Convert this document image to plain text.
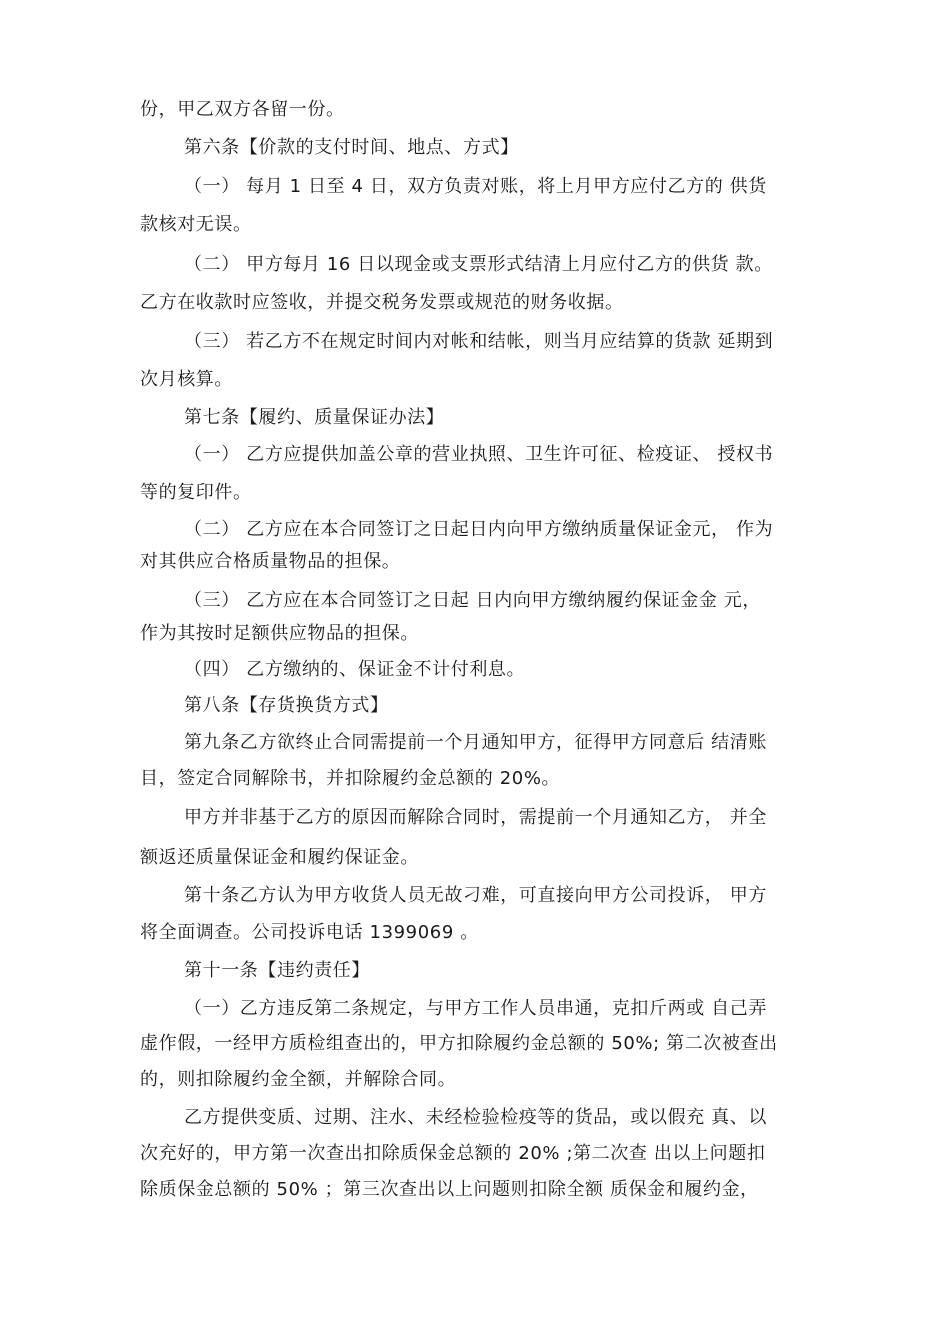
份，甲乙双方各留一份。
第六条【价款的支付时间、地点、方式】
（一） 每月 1 日至 4 日，双方负责对账，将上月甲方应付乙方的 供货
款核对无误。
（二） 甲方每月 16 日以现金或支票形式结清上月应付乙方的供货 款。
乙方在收款时应签收，并提交税务发票或规范的财务收据。
（三） 若乙方不在规定时间内对帐和结帐，则当月应结算的货款 延期到
次月核算。
第七条【履约、质量保证办法】
（一） 乙方应提供加盖公章的营业执照、卫生许可征、检疫证、 授权书
等的复印件。
（二） 乙方应在本合同签订之日起日内向甲方缴纳质量保证金元， 作为
对其供应合格质量物品的担保。
（三） 乙方应在本合同签订之日起 日内向甲方缴纳履约保证金金 元，
作为其按时足额供应物品的担保。
（四） 乙方缴纳的、保证金不计付利息。
第八条【存货换货方式】
第九条乙方欲终止合同需提前一个月通知甲方，征得甲方同意后 结清账
目，签定合同解除书，并扣除履约金总额的 20%。
甲方并非基于乙方的原因而解除合同时，需提前一个月通知乙方， 并全
额返还质量保证金和履约保证金。
第十条乙方认为甲方收货人员无故刁难，可直接向甲方公司投诉， 甲方
将全面调查。公司投诉电话 1399069 。
第十一条【违约责任】
（一）乙方违反第二条规定，与甲方工作人员串通，克扣斤两或 自己弄
虚作假，一经甲方质检组查出的，甲方扣除履约金总额的 50%; 第二次被查出
的，则扣除履约金全额，并解除合同。
乙方提供变质、过期、注水、未经检验检疫等的货品，或以假充 真、以
次充好的，甲方第一次查出扣除质保金总额的 20% ;第二次查 出以上问题扣
除质保金总额的 50% ；第三次查出以上问题则扣除全额 质保金和履约金，
